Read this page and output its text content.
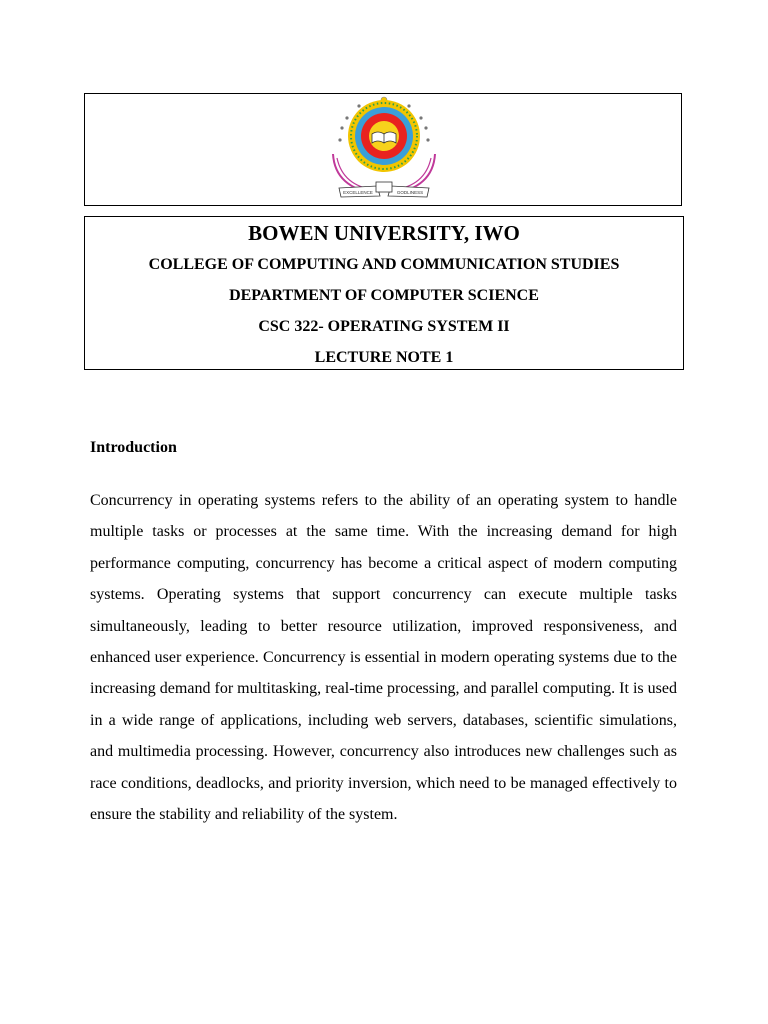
EXCELLENCE	GODLINESS
BOWEN UNIVERSITY, IWO
COLLEGE OF COMPUTING AND COMMUNICATION STUDIES
DEPARTMENT OF COMPUTER SCIENCE
CSC 322- OPERATING SYSTEM II
LECTURE NOTE 1
Introduction

Concurrency in operating systems refers to the ability of an operating system to handle multiple tasks or processes at the same time. With the increasing demand for high performance computing, concurrency has become a critical aspect of modern computing systems. Operating systems that support concurrency can execute multiple tasks simultaneously, leading to better resource utilization, improved responsiveness, and enhanced user experience. Concurrency is essential in modern operating systems due to the increasing demand for multitasking, real-time processing, and parallel computing. It is used in a wide range of applications, including web servers, databases, scientific simulations, and multimedia processing. However, concurrency also introduces new challenges such as race conditions, deadlocks, and priority inversion, which need to be managed effectively to ensure the stability and reliability of the system.
